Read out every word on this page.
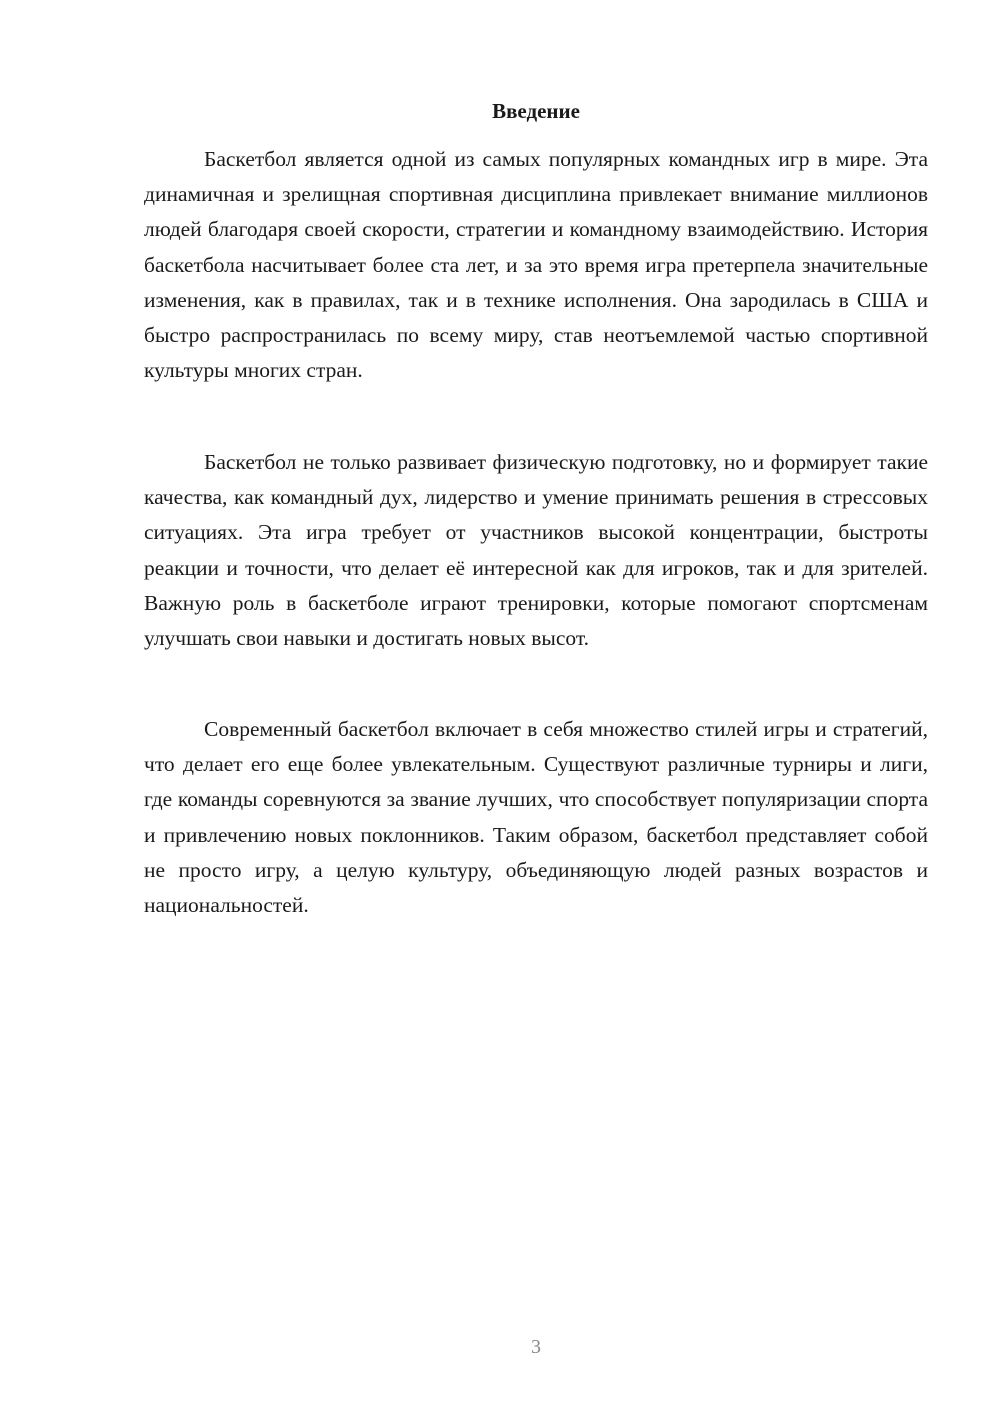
Введение

Баскетбол является одной из самых популярных командных игр в мире. Эта динамичная и зрелищная спортивная дисциплина привлекает внимание миллионов людей благодаря своей скорости, стратегии и командному взаимодействию. История баскетбола насчитывает более ста лет, и за это время игра претерпела значительные изменения, как в правилах, так и в технике исполнения. Она зародилась в США и быстро распространилась по всему миру, став неотъемлемой частью спортивной культуры многих стран.

Баскетбол не только развивает физическую подготовку, но и формирует такие качества, как командный дух, лидерство и умение принимать решения в стрессовых ситуациях. Эта игра требует от участников высокой концентрации, быстроты реакции и точности, что делает её интересной как для игроков, так и для зрителей. Важную роль в баскетболе играют тренировки, которые помогают спортсменам улучшать свои навыки и достигать новых высот.

Современный баскетбол включает в себя множество стилей игры и стратегий, что делает его еще более увлекательным. Существуют различные турниры и лиги, где команды соревнуются за звание лучших, что способствует популяризации спорта и привлечению новых поклонников. Таким образом, баскетбол представляет собой не просто игру, а целую культуру, объединяющую людей разных возрастов и национальностей.

3
